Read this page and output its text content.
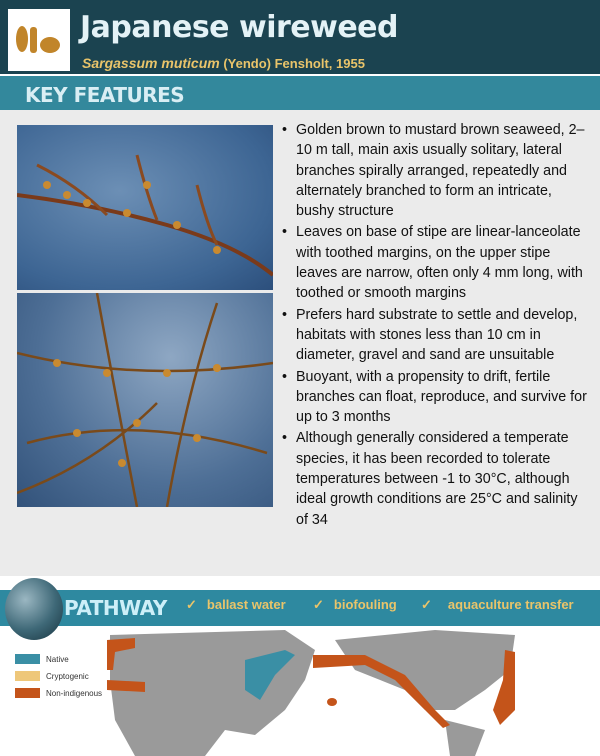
Japanese wireweed
Sargassum muticum (Yendo) Fensholt, 1955
KEY FEATURES
• Golden brown to mustard brown seaweed, 2–10 m tall, main axis usually solitary, lateral branches spirally arranged, repeatedly and alternately branched to form an intricate, bushy structure
• Leaves on base of stipe are linear-lanceolate with toothed margins, on the upper stipe leaves are narrow, often only 4 mm long, with toothed or smooth margins
• Prefers hard substrate to settle and develop, habitats with stones less than 10 cm in diameter, gravel and sand are unsuitable
• Buoyant, with a propensity to drift, fertile branches can float, reproduce, and survive for up to 3 months
• Although generally considered a temperate species, it has been recorded to tolerate temperatures between -1 to 30°C, although ideal growth conditions are 25°C and salinity of 34
PATHWAY ✓ ballast water ✓ biofouling ✓ aquaculture transfer
Native
Cryptogenic
Non-indigenous
